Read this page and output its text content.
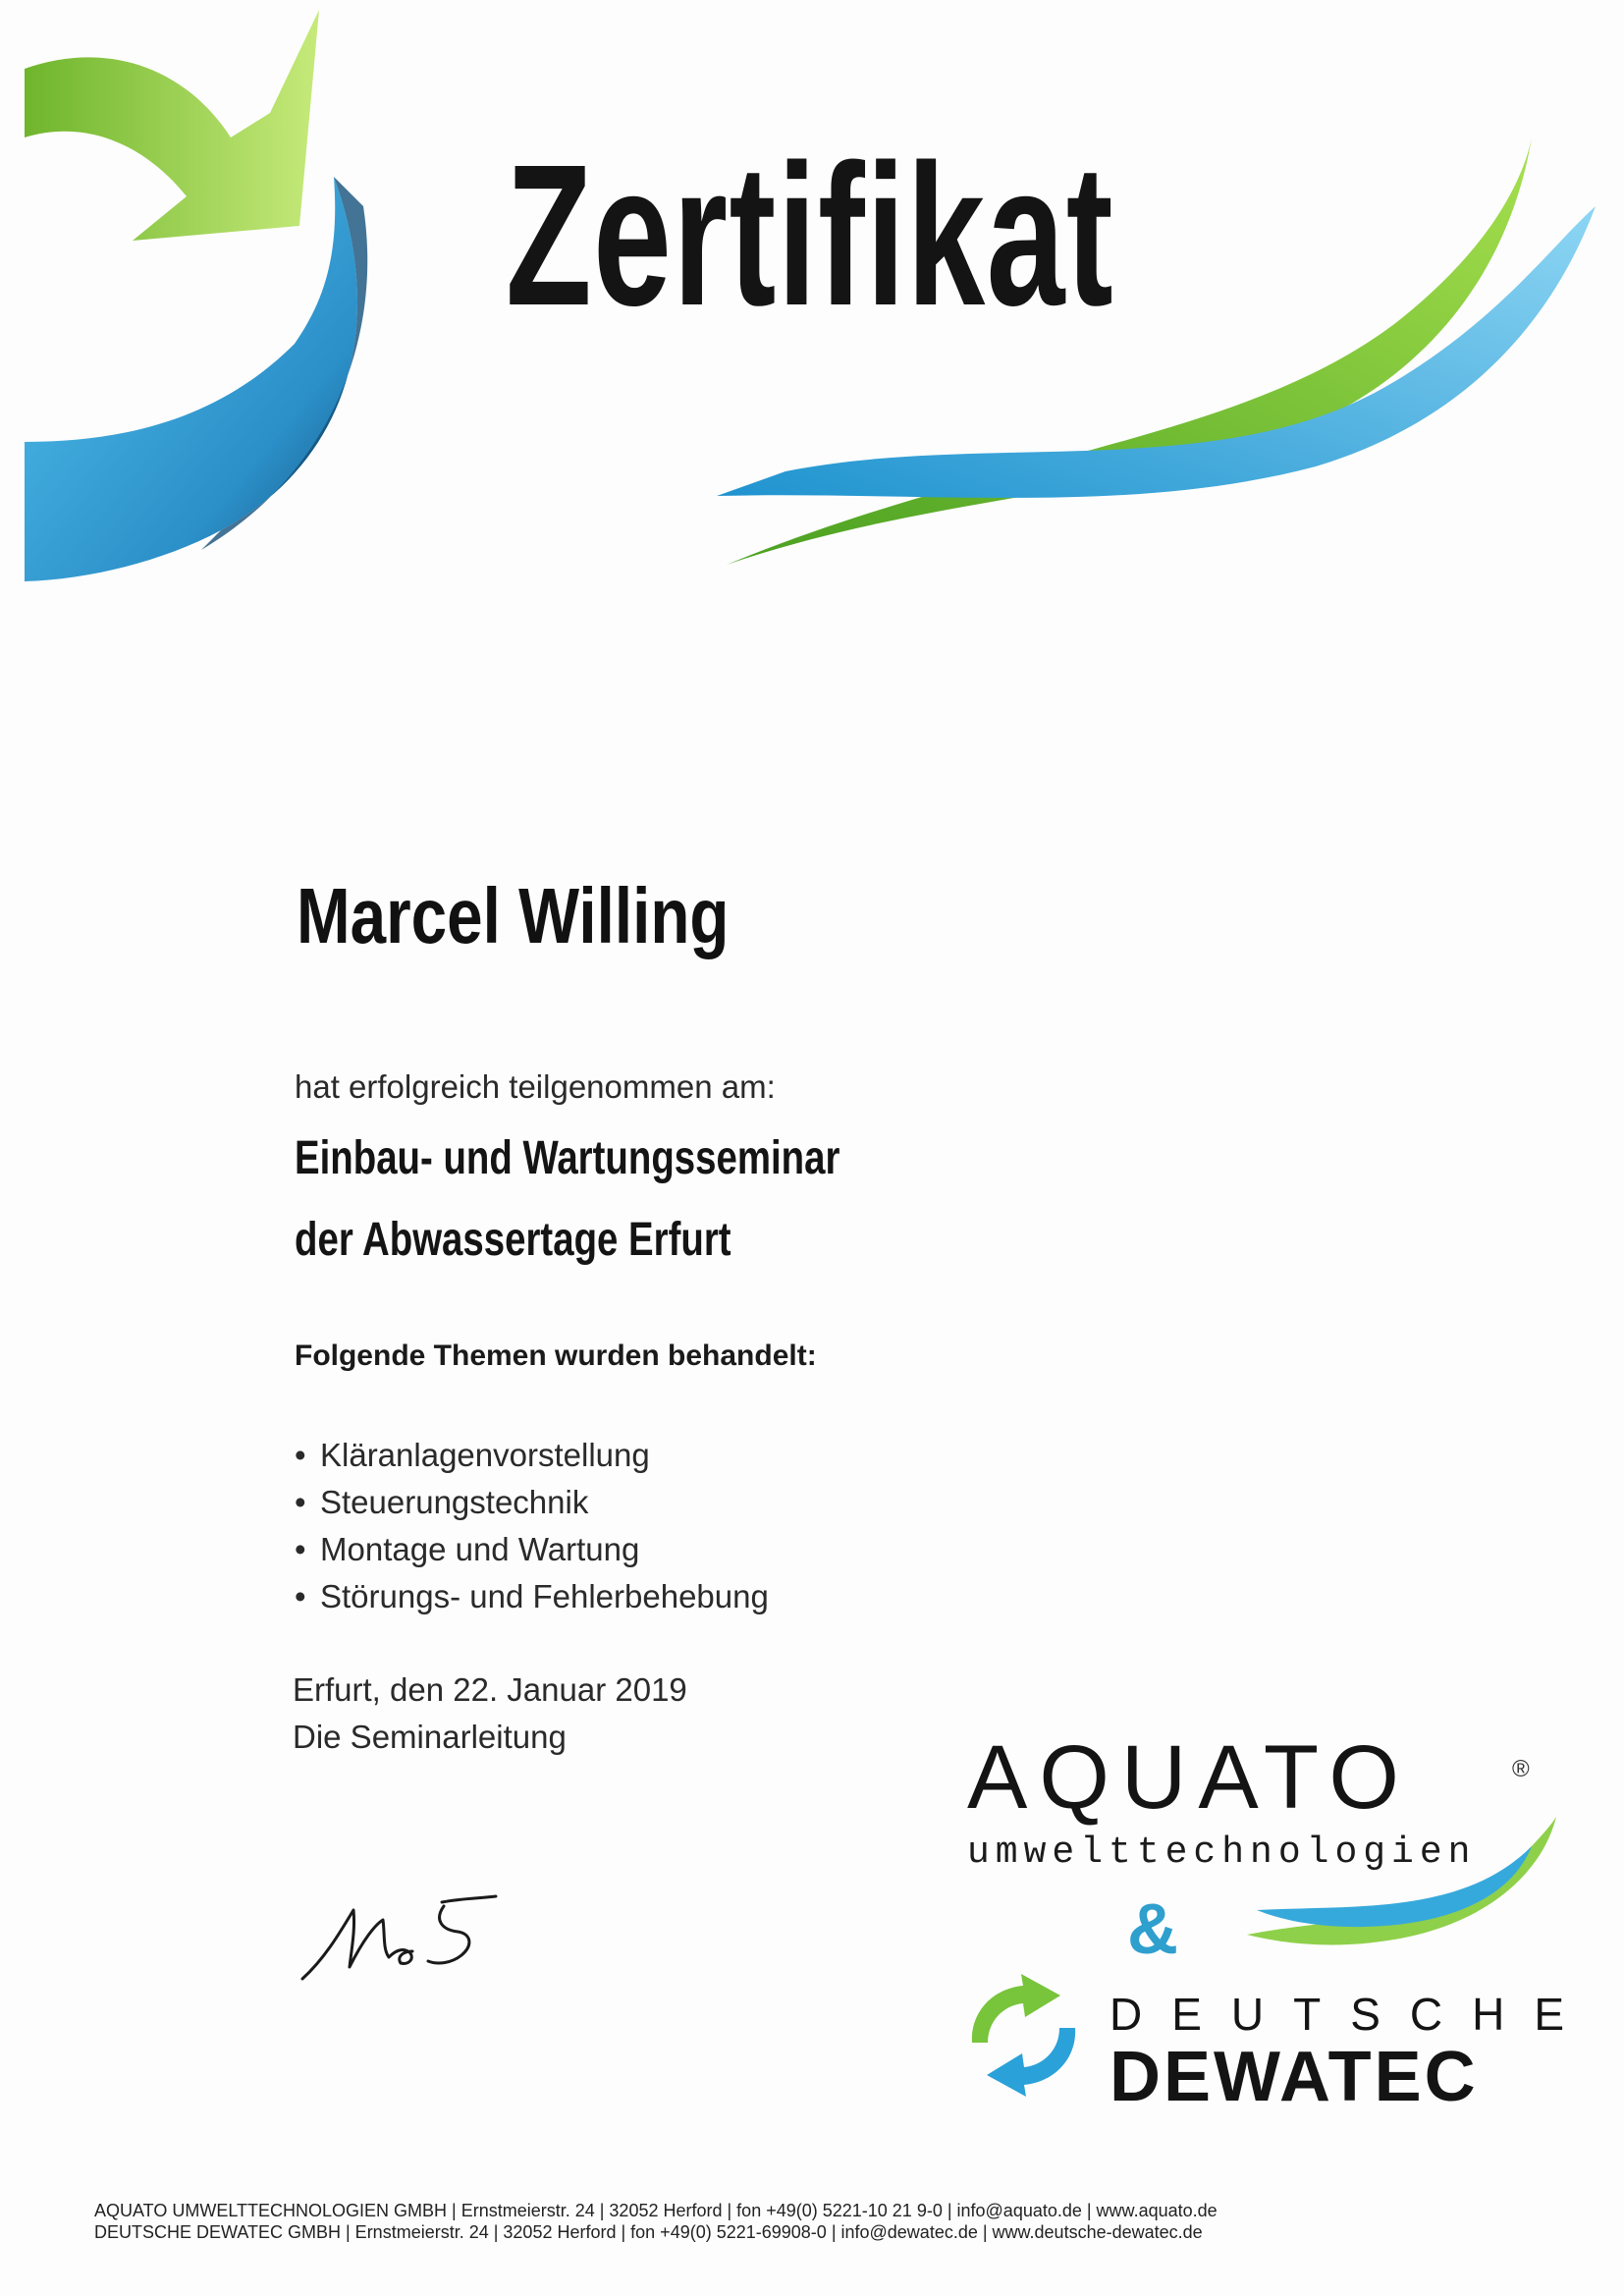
Zertifikat
Marcel Willing
hat erfolgreich teilgenommen am:
Einbau- und Wartungsseminar
der Abwassertage Erfurt
Folgende Themen wurden behandelt:
• Kläranlagenvorstellung
• Steuerungstechnik
• Montage und Wartung
• Störungs- und Fehlerbehebung
Erfurt, den 22. Januar 2019
Die Seminarleitung	AQUATO	®
umwelttechnologien
&
DEUTSCHE
DEWATEC
AQUATO UMWELTTECHNOLOGIEN GMBH | Ernstmeierstr. 24 | 32052 Herford | fon +49(0) 5221-10 21 9-0 | info@aquato.de | www.aquato.de
DEUTSCHE DEWATEC GMBH | Ernstmeierstr. 24 | 32052 Herford | fon +49(0) 5221-69908-0 | info@dewatec.de | www.deutsche-dewatec.de
